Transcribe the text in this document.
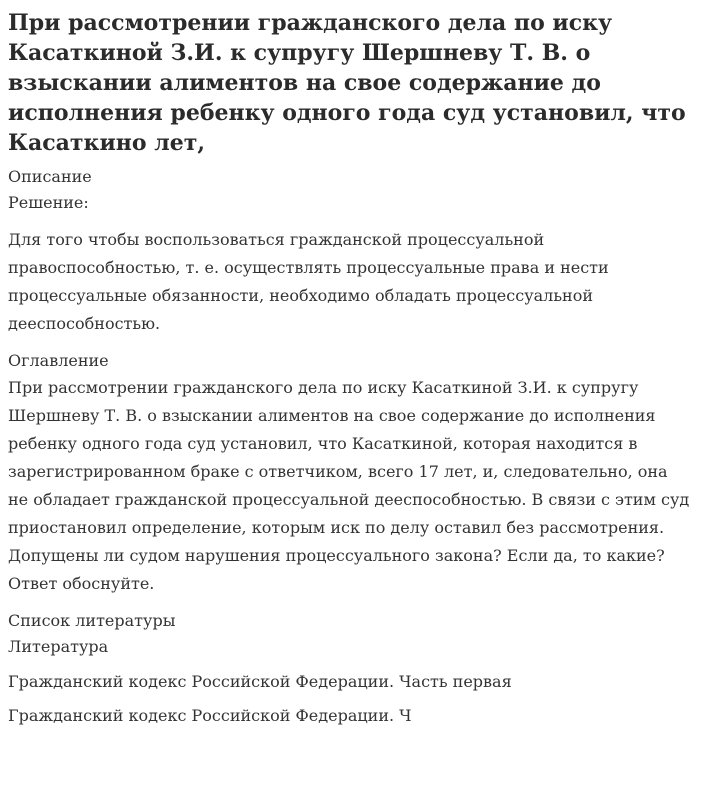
При рассмотрении гражданского дела по иску Касаткиной З.И. к супругу Шершневу Т. В. о взыскании алиментов на свое содержание до исполнения ребенку одного года суд установил, что Касаткино лет,
Описание
Решение:

Для того чтобы воспользоваться гражданской процессуальной правоспособностью, т. е. осуществлять процессуальные права и нести процессуальные обязанности, необходимо обладать процессуальной дееспособностью.

Оглавление

При рассмотрении гражданского дела по иску Касаткиной З.И. к супругу Шершневу Т. В. о взыскании алиментов на свое содержание до исполнения ребенку одного года суд установил, что Касаткиной, которая находится в зарегистрированном браке с ответчиком, всего 17 лет, и, следовательно, она не обладает гражданской процессуальной дееспособностью. В связи с этим суд приостановил определение, которым иск по делу оставил без рассмотрения. Допущены ли судом нарушения процессуального закона? Если да, то какие? Ответ обоснуйте.

Список литературы
Литература

Гражданский кодекс Российской Федерации. Часть первая

Гражданский кодекс Российской Федерации. Ч
